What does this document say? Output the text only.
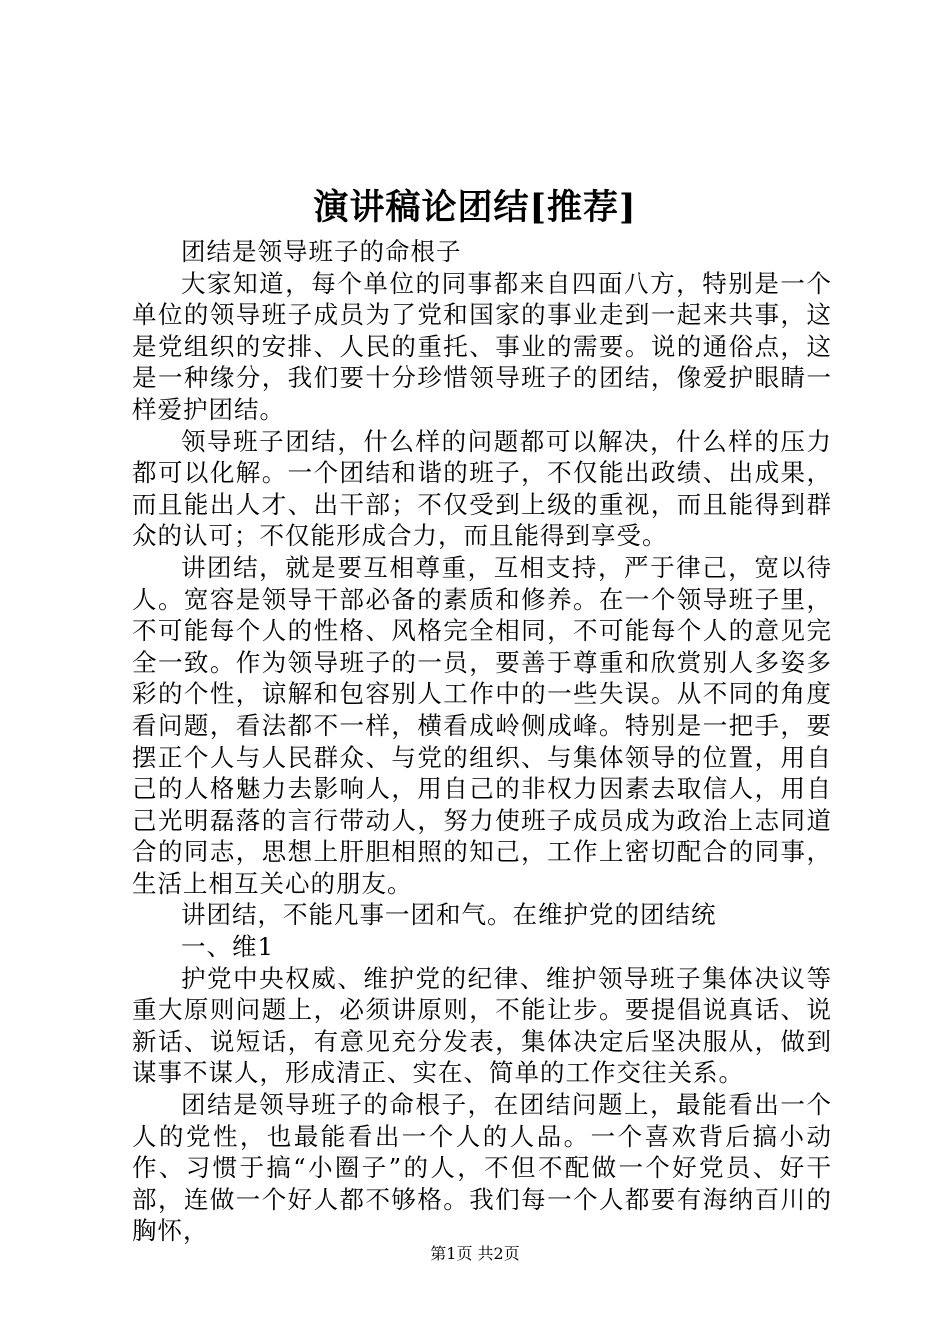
演讲稿论团结[推荐]

团结是领导班子的命根子

大家知道，每个单位的同事都来自四面八方，特别是一个单位的领导班子成员为了党和国家的事业走到一起来共事，这是党组织的安排、人民的重托、事业的需要。说的通俗点，这是一种缘分，我们要十分珍惜领导班子的团结，像爱护眼睛一样爱护团结。

领导班子团结，什么样的问题都可以解决，什么样的压力都可以化解。一个团结和谐的班子，不仅能出政绩、出成果，而且能出人才、出干部；不仅受到上级的重视，而且能得到群众的认可；不仅能形成合力，而且能得到享受。

讲团结，就是要互相尊重，互相支持，严于律己，宽以待人。宽容是领导干部必备的素质和修养。在一个领导班子里，不可能每个人的性格、风格完全相同，不可能每个人的意见完全一致。作为领导班子的一员，要善于尊重和欣赏别人多姿多彩的个性，谅解和包容别人工作中的一些失误。从不同的角度看问题，看法都不一样，横看成岭侧成峰。特别是一把手，要摆正个人与人民群众、与党的组织、与集体领导的位置，用自己的人格魅力去影响人，用自己的非权力因素去取信人，用自己光明磊落的言行带动人，努力使班子成员成为政治上志同道合的同志，思想上肝胆相照的知己，工作上密切配合的同事，生活上相互关心的朋友。

讲团结，不能凡事一团和气。在维护党的团结统

一、维1

护党中央权威、维护党的纪律、维护领导班子集体决议等重大原则问题上，必须讲原则，不能让步。要提倡说真话、说新话、说短话，有意见充分发表，集体决定后坚决服从，做到谋事不谋人，形成清正、实在、简单的工作交往关系。

团结是领导班子的命根子，在团结问题上，最能看出一个人的党性，也最能看出一个人的人品。一个喜欢背后搞小动作、习惯于搞“小圈子”的人，不但不配做一个好党员、好干部，连做一个好人都不够格。我们每一个人都要有海纳百川的胸怀，

第1页 共2页
